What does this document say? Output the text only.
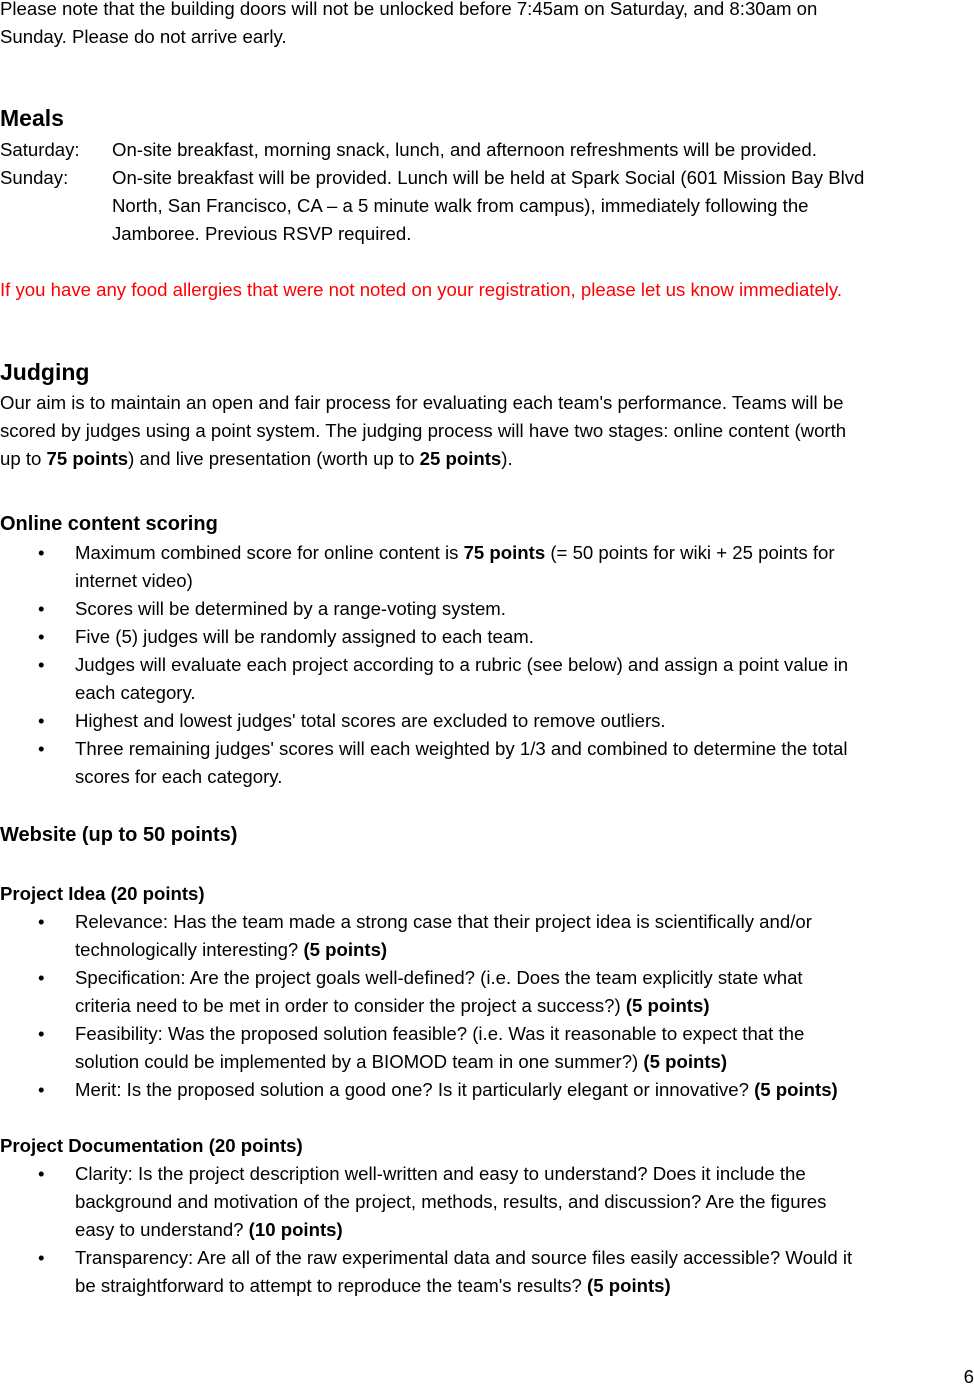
Please note that the building doors will not be unlocked before 7:45am on Saturday, and 8:30am on
Sunday. Please do not arrive early.
Meals
Saturday: On-site breakfast, morning snack, lunch, and afternoon refreshments will be provided.
Sunday: On-site breakfast will be provided. Lunch will be held at Spark Social (601 Mission Bay Blvd
North, San Francisco, CA – a 5 minute walk from campus), immediately following the
Jamboree. Previous RSVP required.
If you have any food allergies that were not noted on your registration, please let us know immediately.
Judging
Our aim is to maintain an open and fair process for evaluating each team's performance. Teams will be
scored by judges using a point system. The judging process will have two stages: online content (worth
up to 75 points) and live presentation (worth up to 25 points).
Online content scoring
• Maximum combined score for online content is 75 points (= 50 points for wiki + 25 points for
internet video)
• Scores will be determined by a range-voting system.
• Five (5) judges will be randomly assigned to each team.
• Judges will evaluate each project according to a rubric (see below) and assign a point value in
each category.
• Highest and lowest judges' total scores are excluded to remove outliers.
• Three remaining judges' scores will each weighted by 1/3 and combined to determine the total
scores for each category.
Website (up to 50 points)
Project Idea (20 points)
• Relevance: Has the team made a strong case that their project idea is scientifically and/or
technologically interesting? (5 points)
• Specification: Are the project goals well-defined? (i.e. Does the team explicitly state what
criteria need to be met in order to consider the project a success?) (5 points)
• Feasibility: Was the proposed solution feasible? (i.e. Was it reasonable to expect that the
solution could be implemented by a BIOMOD team in one summer?) (5 points)
• Merit: Is the proposed solution a good one? Is it particularly elegant or innovative? (5 points)
Project Documentation (20 points)
• Clarity: Is the project description well-written and easy to understand? Does it include the
background and motivation of the project, methods, results, and discussion? Are the figures
easy to understand? (10 points)
• Transparency: Are all of the raw experimental data and source files easily accessible? Would it
be straightforward to attempt to reproduce the team's results? (5 points)
6
